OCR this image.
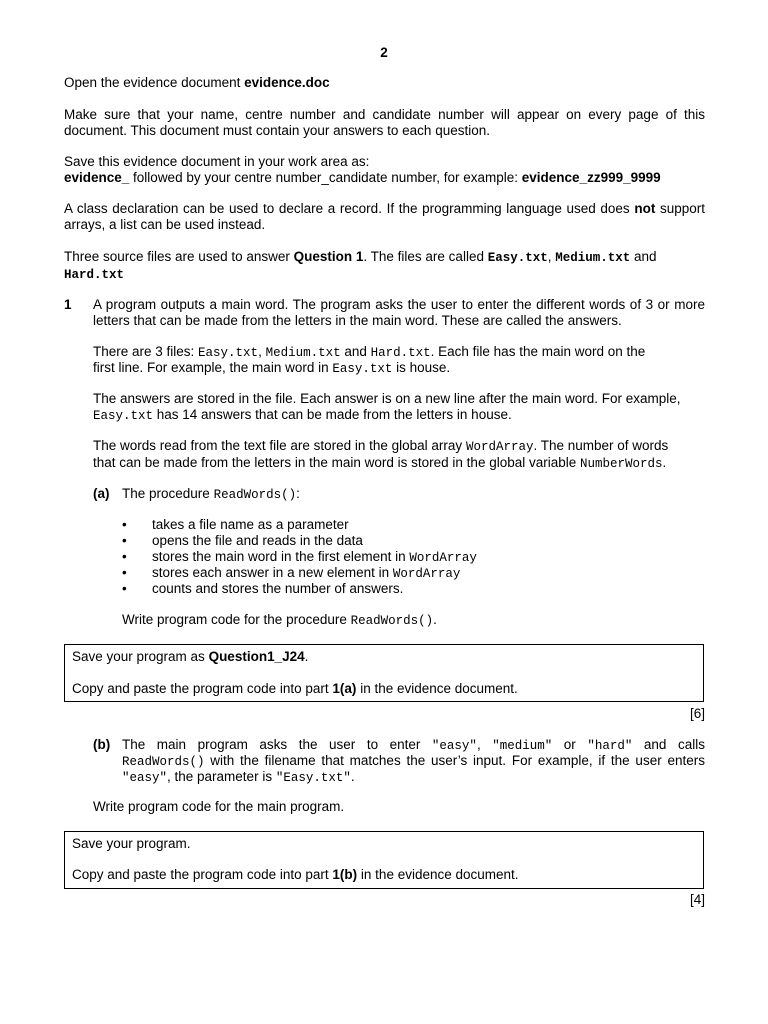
2
Open the evidence document evidence.doc
Make sure that your name, centre number and candidate number will appear on every page of this document. This document must contain your answers to each question.
Save this evidence document in your work area as:
evidence_ followed by your centre number_candidate number, for example: evidence_zz999_9999
A class declaration can be used to declare a record. If the programming language used does not support arrays, a list can be used instead.
Three source files are used to answer Question 1. The files are called Easy.txt, Medium.txt and
Hard.txt
1 A program outputs a main word. The program asks the user to enter the different words of 3 or more letters that can be made from the letters in the main word. These are called the answers.
There are 3 files: Easy.txt, Medium.txt and Hard.txt. Each file has the main word on the
first line. For example, the main word in Easy.txt is house.
The answers are stored in the file. Each answer is on a new line after the main word. For example,
Easy.txt has 14 answers that can be made from the letters in house.
The words read from the text file are stored in the global array WordArray. The number of words
that can be made from the letters in the main word is stored in the global variable NumberWords.
(a) The procedure ReadWords():
• takes a file name as a parameter
• opens the file and reads in the data
• stores the main word in the first element in WordArray
• stores each answer in a new element in WordArray
• counts and stores the number of answers.
Write program code for the procedure ReadWords().

Save your program as Question1_J24.

Copy and paste the program code into part 1(a) in the evidence document.

[6]
(b) The main program asks the user to enter "easy", "medium" or "hard" and calls
ReadWords() with the filename that matches the user’s input. For example, if the user enters
"easy", the parameter is "Easy.txt".
Write program code for the main program.

Save your program.

Copy and paste the program code into part 1(b) in the evidence document.

[4]
